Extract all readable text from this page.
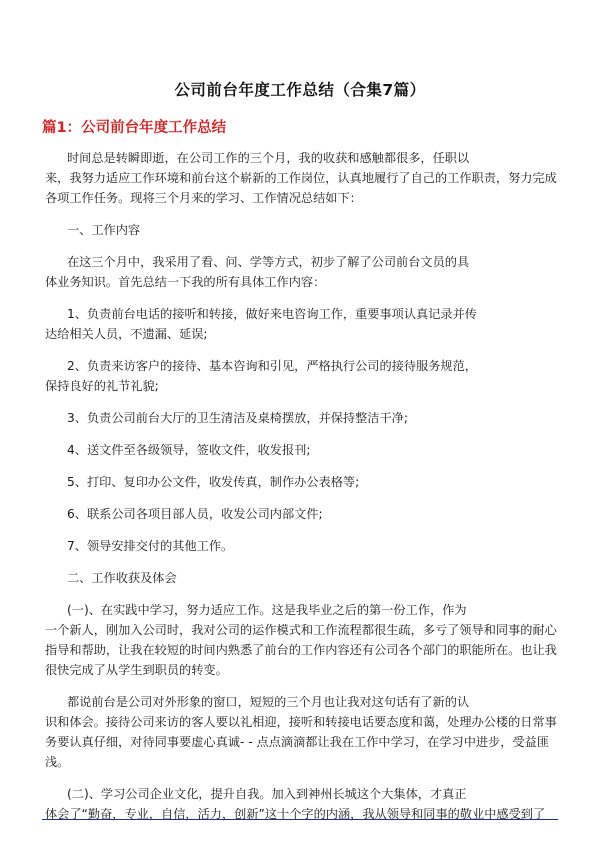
公司前台年度工作总结（合集7篇）
篇1：公司前台年度工作总结

时间总是转瞬即逝，在公司工作的三个月，我的收获和感触都很多，任职以
来，我努力适应工作环境和前台这个崭新的工作岗位，认真地履行了自己的工作职责，努力完成各项工作任务。现将三个月来的学习、工作情况总结如下：

一、工作内容

在这三个月中，我采用了看、问、学等方式，初步了解了公司前台文员的具
体业务知识。首先总结一下我的所有具体工作内容：

1、负责前台电话的接听和转接，做好来电咨询工作，重要事项认真记录并传
达给相关人员，不遗漏、延误;

2、负责来访客户的接待、基本咨询和引见，严格执行公司的接待服务规范，
保持良好的礼节礼貌;

3、负责公司前台大厅的卫生清洁及桌椅摆放，并保持整洁干净;

4、送文件至各级领导，签收文件，收发报刊;

5、打印、复印办公文件，收发传真，制作办公表格等;

6、联系公司各项目部人员，收发公司内部文件;

7、领导安排交付的其他工作。

二、工作收获及体会

(一)、在实践中学习，努力适应工作。这是我毕业之后的第一份工作，作为
一个新人，刚加入公司时，我对公司的运作模式和工作流程都很生疏，多亏了领导和同事的耐心指导和帮助，让我在较短的时间内熟悉了前台的工作内容还有公司各个部门的职能所在。也让我很快完成了从学生到职员的转变。

都说前台是公司对外形象的窗口，短短的三个月也让我对这句话有了新的认
识和体会。接待公司来访的客人要以礼相迎，接听和转接电话要态度和蔼，处理办公楼的日常事务要认真仔细，对待同事要虚心真诚- - 点点滴滴都让我在工作中学习，在学习中进步，受益匪浅。

(二)、学习公司企业文化，提升自我。加入到神州长城这个大集体，才真正
体会了“勤奋，专业，自信，活力，创新”这十个字的内涵，我从领导和同事的敬业中感受到了
